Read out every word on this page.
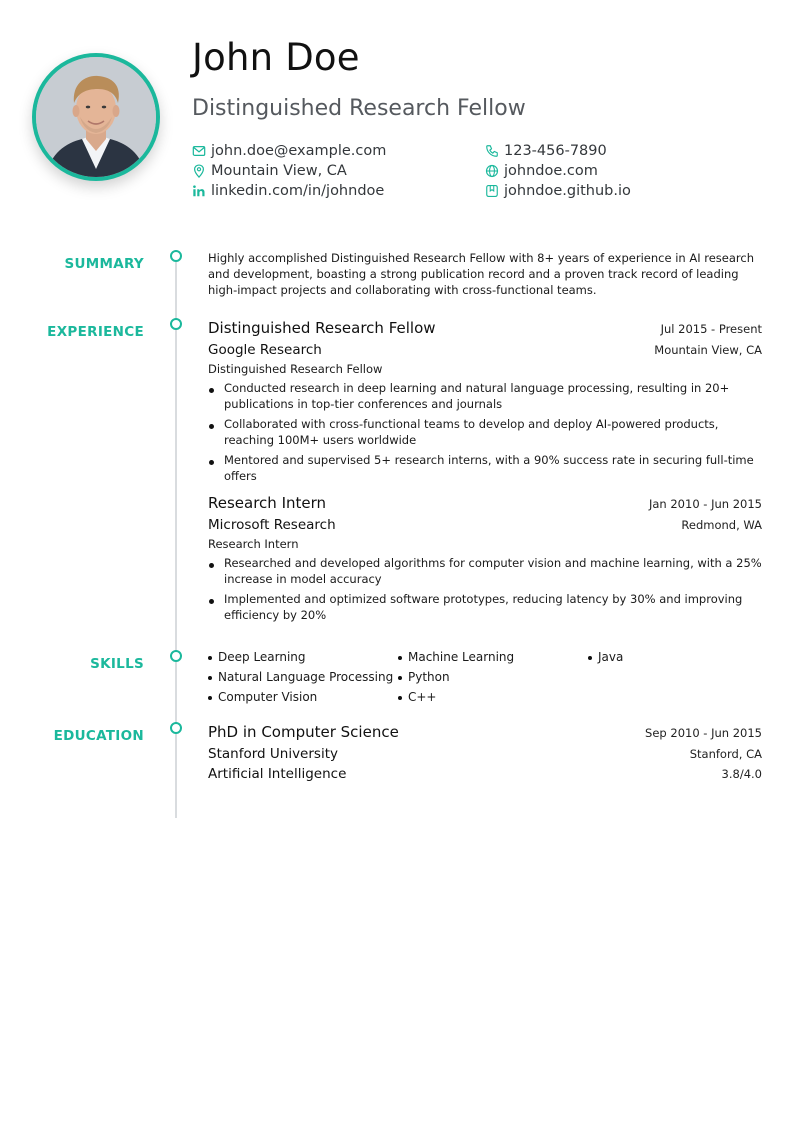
John Doe
Distinguished Research Fellow
john.doe@example.com	123-456-7890
Mountain View, CA	johndoe.com
linkedin.com/in/johndoe	johndoe.github.io
SUMMARY	Highly accomplished Distinguished Research Fellow with 8+ years of experience in AI research and development, boasting a strong publication record and a proven track record of leading high-impact projects and collaborating with cross-functional teams.

EXPERIENCE	Distinguished Research Fellow	Jul 2015 - Present
Google Research	Mountain View, CA
Distinguished Research Fellow
Conducted research in deep learning and natural language processing, resulting in 20+ publications in top-tier conferences and journals
Collaborated with cross-functional teams to develop and deploy AI-powered products, reaching 100M+ users worldwide
Mentored and supervised 5+ research interns, with a 90% success rate in securing full-time offers
Research Intern	Jan 2010 - Jun 2015
Microsoft Research	Redmond, WA
Research Intern
Researched and developed algorithms for computer vision and machine learning, with a 25% increase in model accuracy
Implemented and optimized software prototypes, reducing latency by 30% and improving efficiency by 20%
SKILLS	Deep Learning	Machine Learning	Java
Natural Language Processing	Python
Computer Vision	C++
EDUCATION	PhD in Computer Science	Sep 2010 - Jun 2015
Stanford University	Stanford, CA
Artificial Intelligence	3.8/4.0
